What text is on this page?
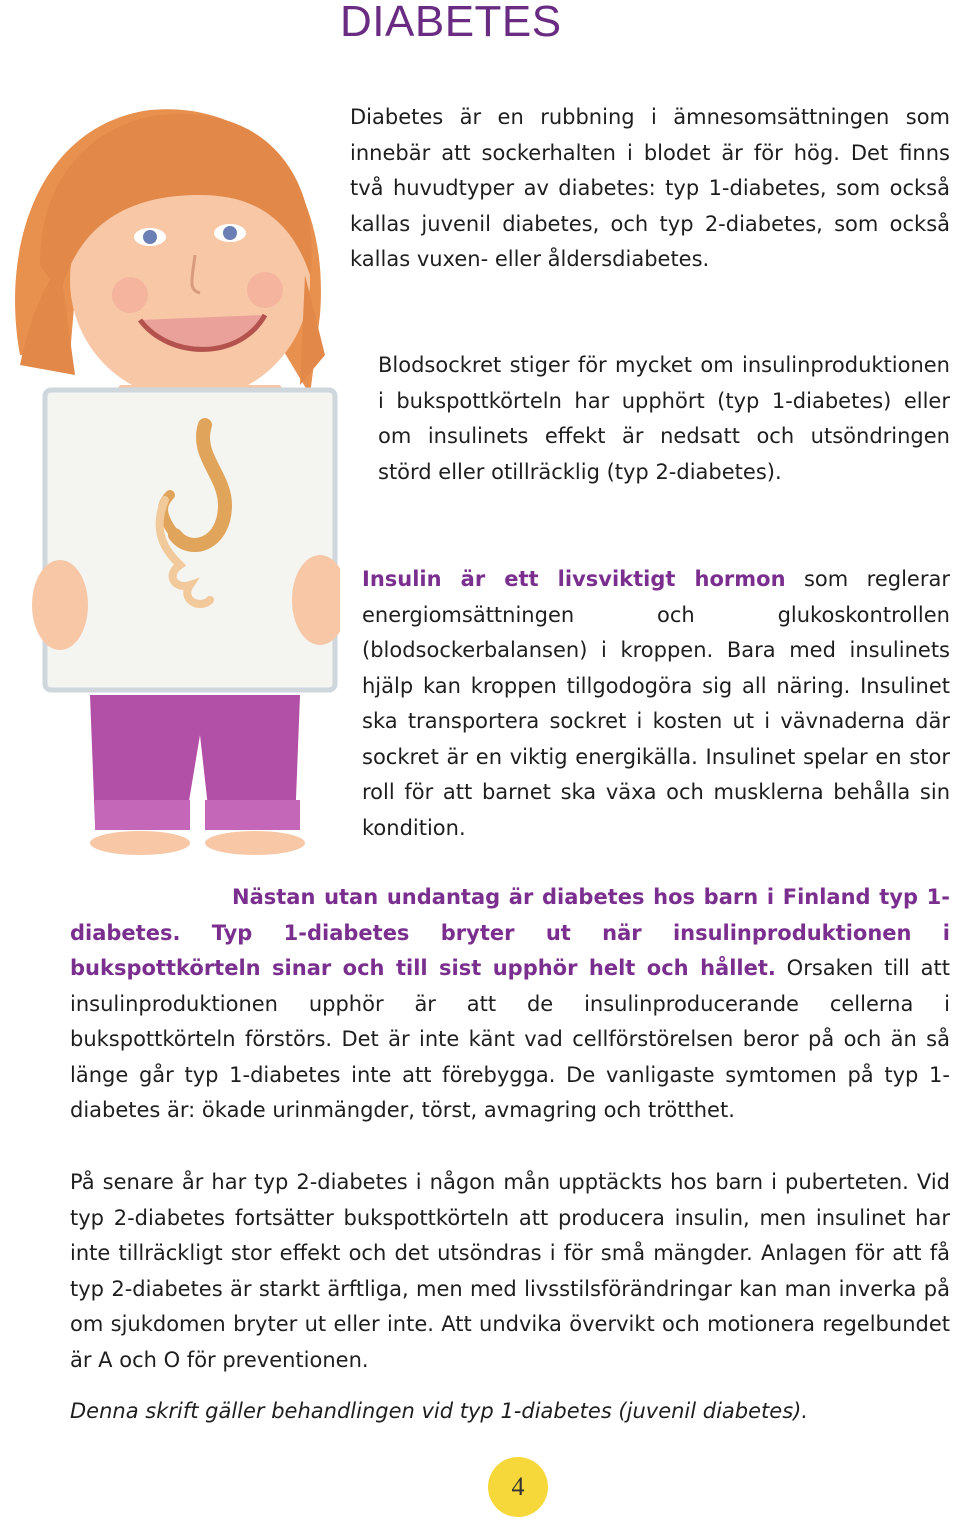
DIABETES

Diabetes är en rubbning i ämnesomsättningen som innebär att sockerhalten i blodet är för hög. Det finns två huvudtyper av diabetes: typ 1-diabetes, som också kallas juvenil diabetes, och typ 2-diabetes, som också kallas vuxen- eller åldersdiabetes.

Blodsockret stiger för mycket om insulinproduktionen i bukspottkörteln har upphört (typ 1-diabetes) eller om insulinets effekt är nedsatt och utsöndringen störd eller otillräcklig (typ 2-diabetes).

Insulin är ett livsviktigt hormon som reglerar energiomsättningen och glukoskontrollen (blodsockerbalansen) i kroppen. Bara med insulinets hjälp kan kroppen tillgodogöra sig all näring. Insulinet ska transportera sockret i kosten ut i vävnaderna där sockret är en viktig energikälla. Insulinet spelar en stor roll för att barnet ska växa och musklerna behålla sin kondition.

Nästan utan undantag är diabetes hos barn i Finland typ 1-diabetes. Typ 1-diabetes bryter ut när insulinproduktionen i bukspottkörteln sinar och till sist upphör helt och hållet. Orsaken till att insulinproduktionen upphör är att de insulinproducerande cellerna i bukspottkörteln förstörs. Det är inte känt vad cellförstörelsen beror på och än så länge går typ 1-diabetes inte att förebygga. De vanligaste symtomen på typ 1-diabetes är: ökade urinmängder, törst, avmagring och trötthet.

På senare år har typ 2-diabetes i någon mån upptäckts hos barn i puberteten. Vid typ 2-diabetes fortsätter bukspottkörteln att producera insulin, men insulinet har inte tillräckligt stor effekt och det utsöndras i för små mängder. Anlagen för att få typ 2-diabetes är starkt ärftliga, men med livsstilsförändringar kan man inverka på om sjukdomen bryter ut eller inte. Att undvika övervikt och motionera regelbundet är A och O för preventionen.

Denna skrift gäller behandlingen vid typ 1-diabetes (juvenil diabetes).

4
